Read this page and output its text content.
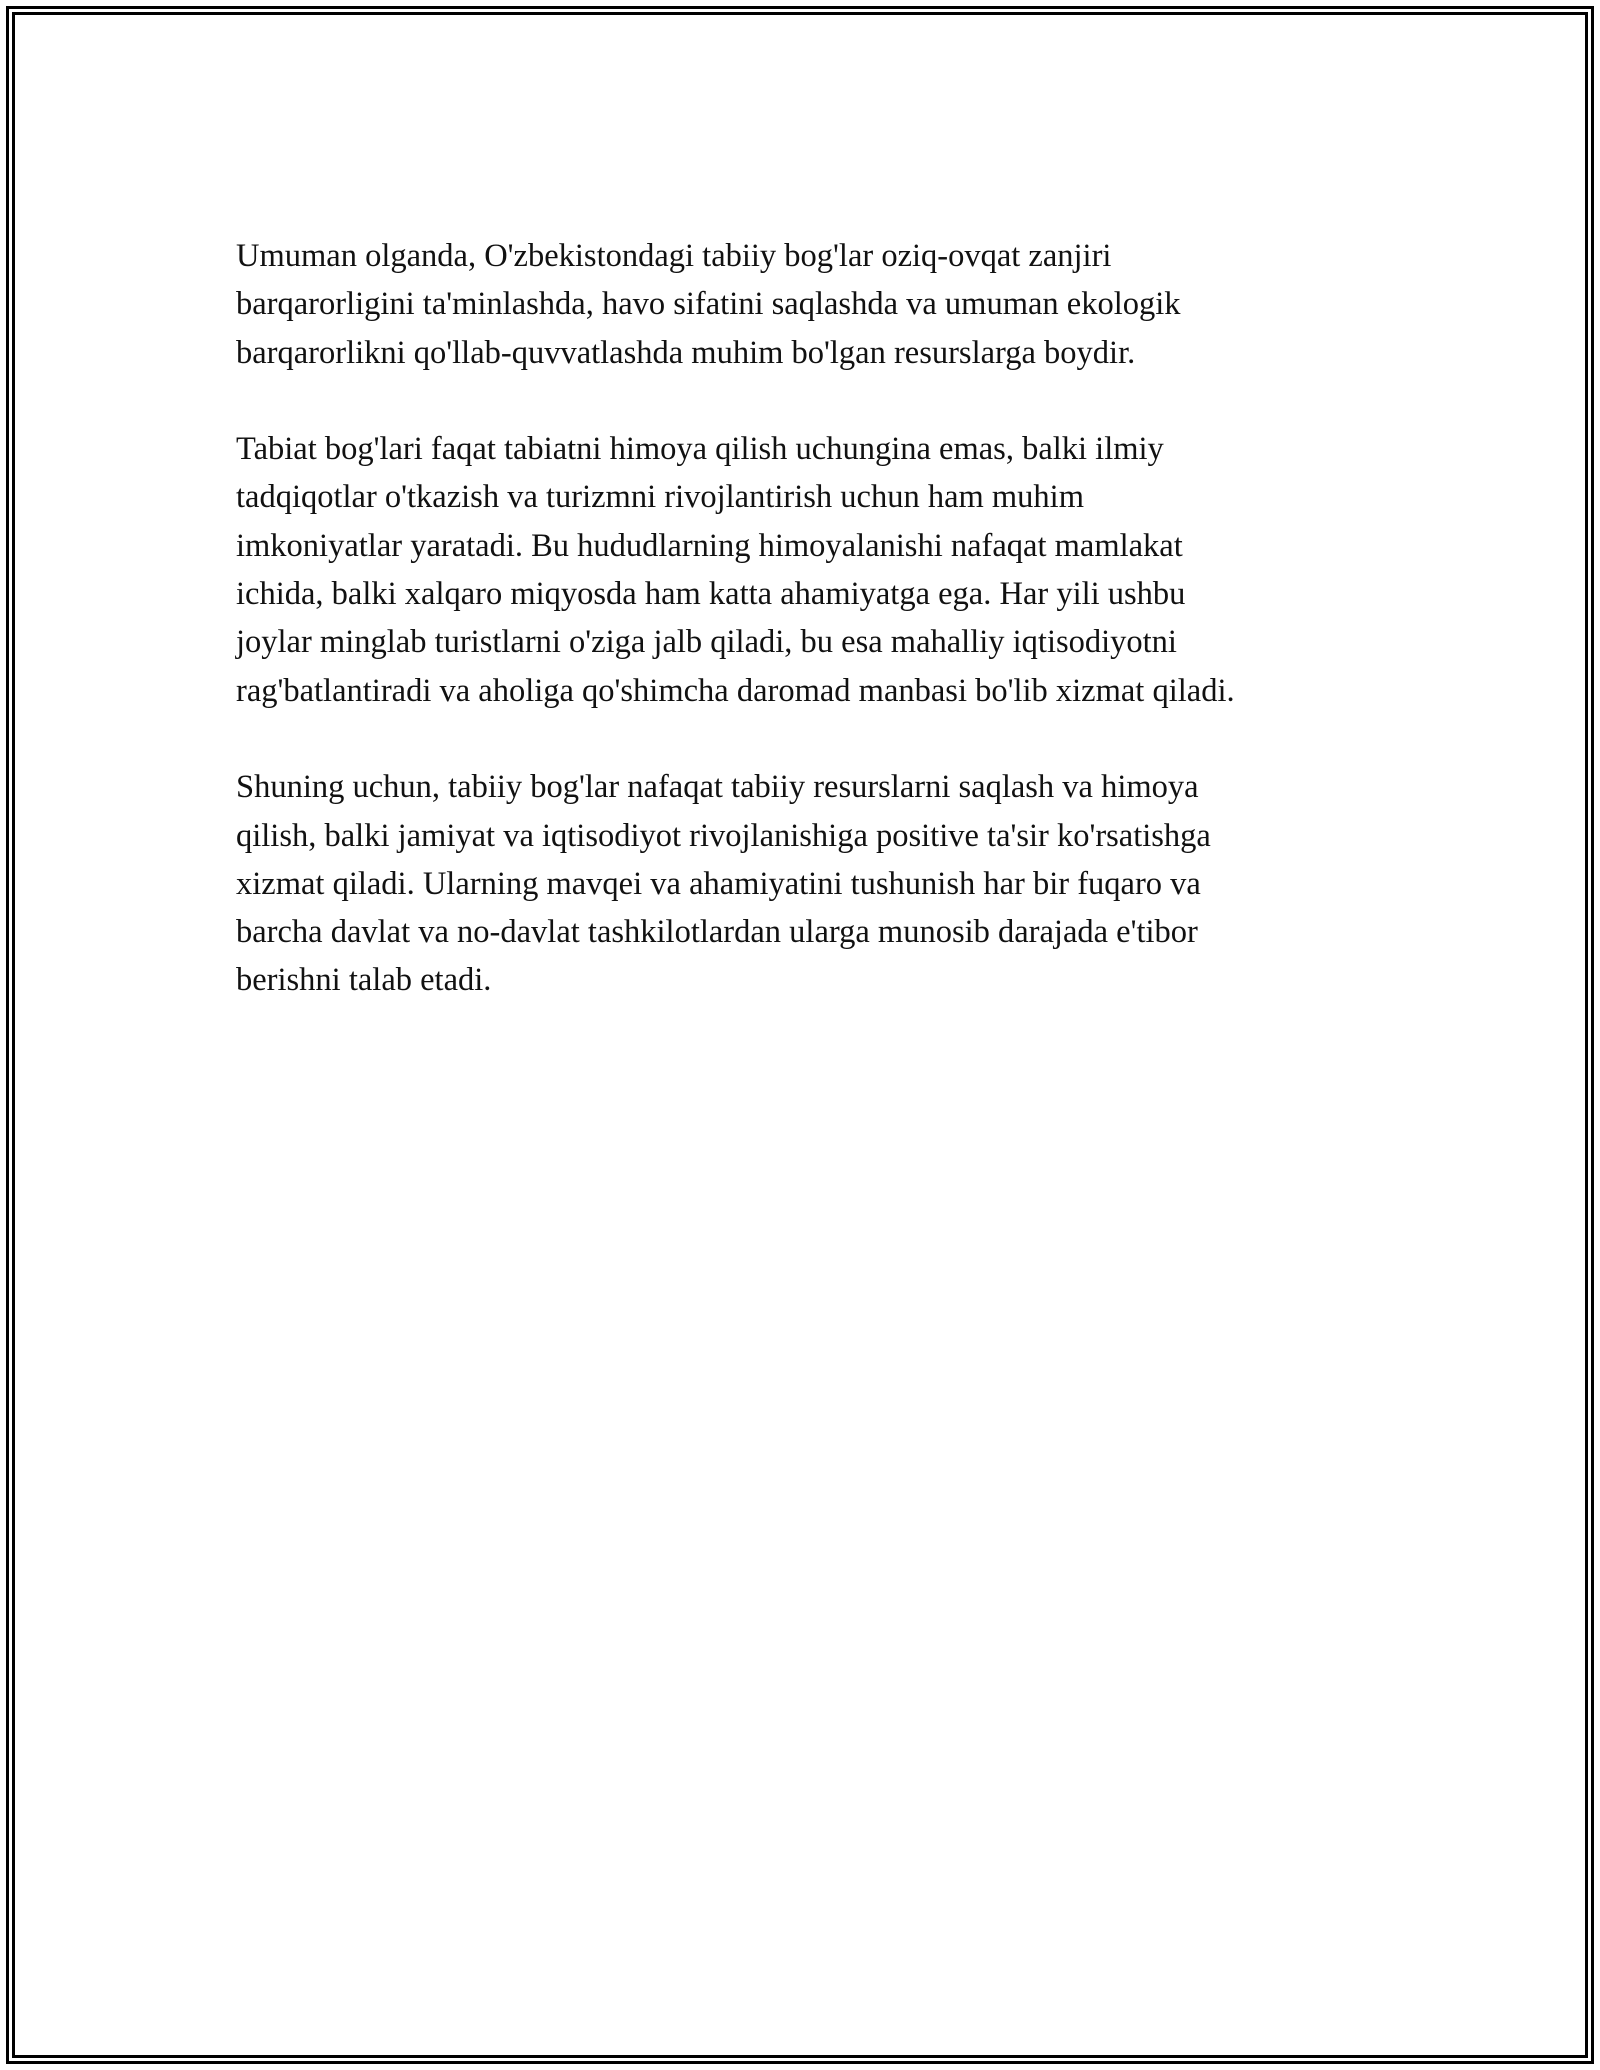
Umuman olganda, O'zbekistondagi tabiiy bog'lar oziq-ovqat zanjiri
barqarorligini ta'minlashda, havo sifatini saqlashda va umuman ekologik
barqarorlikni qo'llab-quvvatlashda muhim bo'lgan resurslarga boydir.

Tabiat bog'lari faqat tabiatni himoya qilish uchungina emas, balki ilmiy
tadqiqotlar o'tkazish va turizmni rivojlantirish uchun ham muhim
imkoniyatlar yaratadi. Bu hududlarning himoyalanishi nafaqat mamlakat
ichida, balki xalqaro miqyosda ham katta ahamiyatga ega. Har yili ushbu
joylar minglab turistlarni o'ziga jalb qiladi, bu esa mahalliy iqtisodiyotni
rag'batlantiradi va aholiga qo'shimcha daromad manbasi bo'lib xizmat qiladi.

Shuning uchun, tabiiy bog'lar nafaqat tabiiy resurslarni saqlash va himoya
qilish, balki jamiyat va iqtisodiyot rivojlanishiga positive ta'sir ko'rsatishga
xizmat qiladi. Ularning mavqei va ahamiyatini tushunish har bir fuqaro va
barcha davlat va no-davlat tashkilotlardan ularga munosib darajada e'tibor
berishni talab etadi.
